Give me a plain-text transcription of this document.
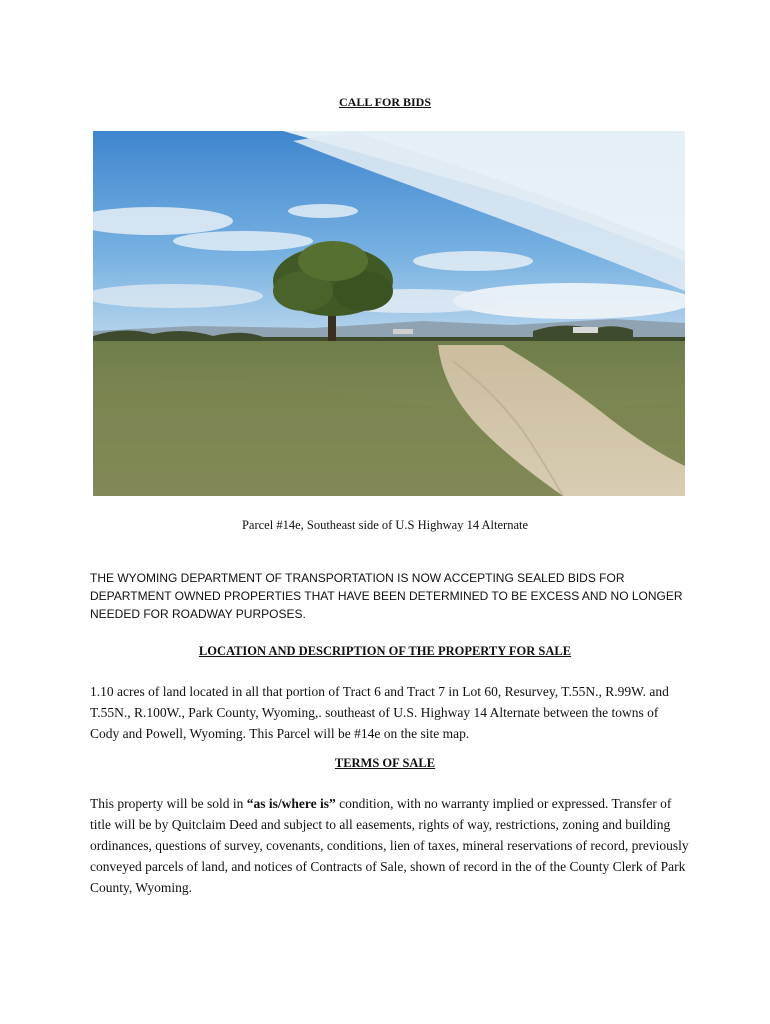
CALL FOR BIDS
Parcel #14e, Southeast side of U.S Highway 14 Alternate
THE WYOMING DEPARTMENT OF TRANSPORTATION IS NOW ACCEPTING SEALED BIDS FOR DEPARTMENT OWNED PROPERTIES THAT HAVE BEEN DETERMINED TO BE EXCESS AND NO LONGER NEEDED FOR ROADWAY PURPOSES.
LOCATION AND DESCRIPTION OF THE PROPERTY FOR SALE
1.10 acres of land located in all that portion of Tract 6 and Tract 7 in Lot 60, Resurvey, T.55N., R.99W. and T.55N., R.100W., Park County, Wyoming,. southeast of U.S. Highway 14 Alternate between the towns of Cody and Powell, Wyoming. This Parcel will be #14e on the site map.
TERMS OF SALE
This property will be sold in “as is/where is” condition, with no warranty implied or expressed. Transfer of title will be by Quitclaim Deed and subject to all easements, rights of way, restrictions, zoning and building ordinances, questions of survey, covenants, conditions, lien of taxes, mineral reservations of record, previously conveyed parcels of land, and notices of Contracts of Sale, shown of record in the of the County Clerk of Park County, Wyoming.
